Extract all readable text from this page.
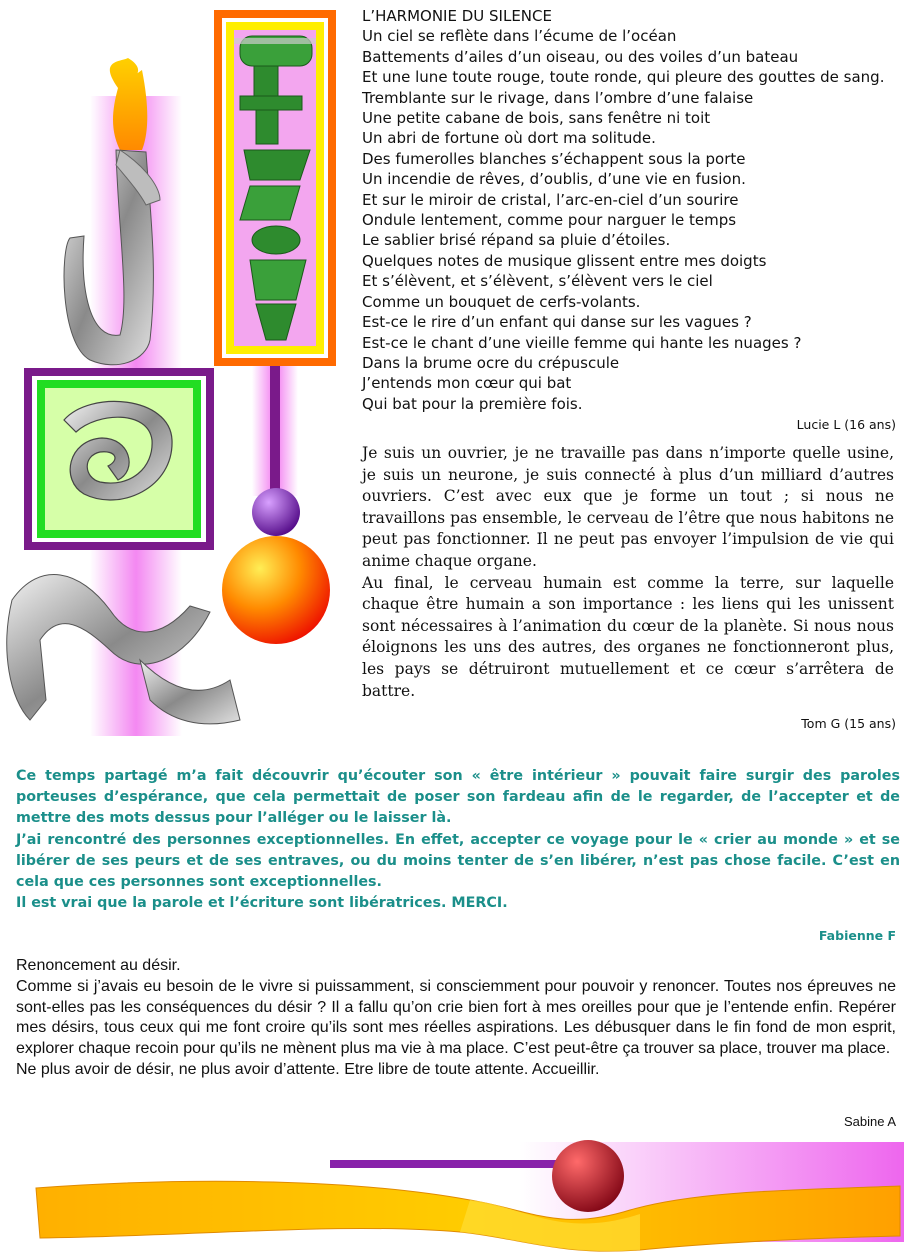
L’HARMONIE DU SILENCE
Un ciel se reflète dans l’écume de l’océan
Battements d’ailes d’un oiseau, ou des voiles d’un bateau
Et une lune toute rouge, toute ronde, qui pleure des gouttes de sang.
Tremblante sur le rivage, dans l’ombre d’une falaise
Une petite cabane de bois, sans fenêtre ni toit
Un abri de fortune où dort ma solitude.
Des fumerolles blanches s’échappent sous la porte
Un incendie de rêves, d’oublis, d’une vie en fusion.
Et sur le miroir de cristal, l’arc-en-ciel d’un sourire
Ondule lentement, comme pour narguer le temps
Le sablier brisé répand sa pluie d’étoiles.
Quelques notes de musique glissent entre mes doigts
Et s’élèvent, et s’élèvent, s’élèvent vers le ciel
Comme un bouquet de cerfs-volants.
Est-ce le rire d’un enfant qui danse sur les vagues ?
Est-ce le chant d’une vieille femme qui hante les nuages ?
Dans la brume ocre du crépuscule
J’entends mon cœur qui bat
Qui bat pour la première fois.
Lucie L (16 ans)

Je suis un ouvrier, je ne travaille pas dans n’importe quelle usine, je suis un neurone, je suis connecté à plus d’un milliard d’autres ouvriers. C’est avec eux que je forme un tout ; si nous ne travaillons pas ensemble, le cerveau de l’être que nous habitons ne peut pas fonctionner. Il ne peut pas envoyer l’impulsion de vie qui anime chaque organe.

Au final, le cerveau humain est comme la terre, sur laquelle chaque être humain a son importance : les liens qui les unissent sont nécessaires à l’animation du cœur de la planète. Si nous nous éloignons les uns des autres, des organes ne fonctionneront plus, les pays se détruiront mutuellement et ce cœur s’arrêtera de battre.

Tom G (15 ans)

Ce temps partagé m’a fait découvrir qu’écouter son « être intérieur » pouvait faire surgir des paroles porteuses d’espérance, que cela permettait de poser son fardeau afin de le regarder, de l’accepter et de mettre des mots dessus pour l’alléger ou le laisser là.

J’ai rencontré des personnes exceptionnelles. En effet, accepter ce voyage pour le « crier au monde » et se libérer de ses peurs et de ses entraves, ou du moins tenter de s’en libérer, n’est pas chose facile. C’est en cela que ces personnes sont exceptionnelles.

Il est vrai que la parole et l’écriture sont libératrices. MERCI.

Fabienne F

Renoncement au désir.

Comme si j’avais eu besoin de le vivre si puissamment, si consciemment pour pouvoir y renoncer. Toutes nos épreuves ne sont-elles pas les conséquences du désir ? Il a fallu qu’on crie bien fort à mes oreilles pour que je l’entende enfin. Repérer mes désirs, tous ceux qui me font croire qu’ils sont mes réelles aspirations. Les débusquer dans le fin fond de mon esprit, explorer chaque recoin pour qu’ils ne mènent plus ma vie à ma place. C’est peut-être ça trouver sa place, trouver ma place.

Ne plus avoir de désir, ne plus avoir d’attente. Etre libre de toute attente. Accueillir.

Sabine A
